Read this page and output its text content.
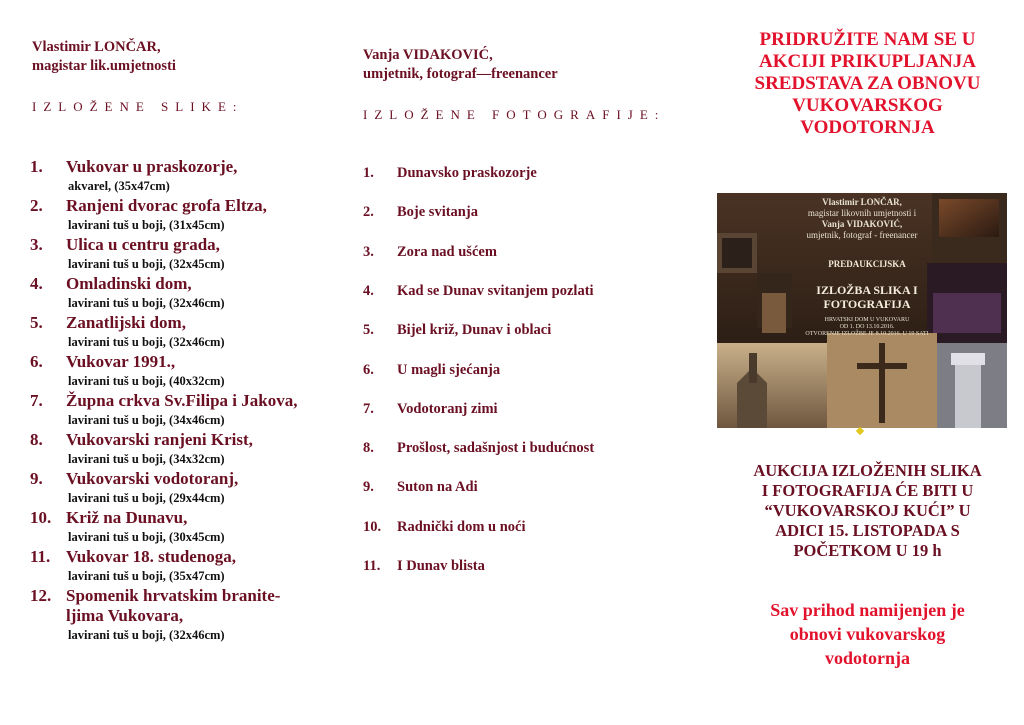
Vlastimir LONČAR,
magistar lik.umjetnosti
IZLOŽENE SLIKE:
1. Vukovar u praskozorje,
akvarel, (35x47cm)
2. Ranjeni dvorac grofa Eltza,
lavirani tuš u boji, (31x45cm)
3. Ulica u centru grada,
lavirani tuš u boji, (32x45cm)
4. Omladinski dom,
lavirani tuš u boji, (32x46cm)
5. Zanatlijski dom,
lavirani tuš u boji, (32x46cm)
6. Vukovar 1991.,
lavirani tuš u boji, (40x32cm)
7. Župna crkva Sv.Filipa i Jakova,
lavirani tuš u boji, (34x46cm)
8. Vukovarski ranjeni Krist,
lavirani tuš u boji, (34x32cm)
9. Vukovarski vodotoranj,
lavirani tuš u boji, (29x44cm)
10. Križ na Dunavu,
lavirani tuš u boji, (30x45cm)
11. Vukovar 18. studenoga,
lavirani tuš u boji, (35x47cm)
12. Spomenik hrvatskim branite-
ljima Vukovara,
lavirani tuš u boji, (32x46cm)
Vanja VIDAKOVIĆ,
umjetnik, fotograf—freenancer
IZLOŽENE FOTOGRAFIJE:
1. Dunavsko praskozorje
2. Boje svitanja
3. Zora nad ušćem
4. Kad se Dunav svitanjem pozlati
5. Bijel križ, Dunav i oblaci
6. U magli sjećanja
7. Vodotoranj zimi
8. Prošlost, sadašnjost i budućnost
9. Suton na Adi
10. Radnički dom u noći
11. I Dunav blista
PRIDRUŽITE NAM SE U
AKCIJI PRIKUPLJANJA
SREDSTAVA ZA OBNOVU
VUKOVARSKOG
VODOTORNJA
Vlastimir LONČAR,
magistar likovnih umjetnosti i
Vanja VIDAKOVIĆ,
umjetnik, fotograf - freenancer
PREDAUKCIJSKA
IZLOŽBA SLIKA I
FOTOGRAFIJA
HRVATSKI DOM U VUKOVARU
OD 1. DO 13.10.2016.
OTVORENJE IZLOŽBE JE 8.10.2016. U 19 SATI
AUKCIJA IZLOŽENIH SLIKA
I FOTOGRAFIJA ĆE BITI U
“VUKOVARSKOJ KUĆI” U
ADICI 15. LISTOPADA S
POČETKOM U 19 h
Sav prihod namijenjen je
obnovi vukovarskog
vodotornja
